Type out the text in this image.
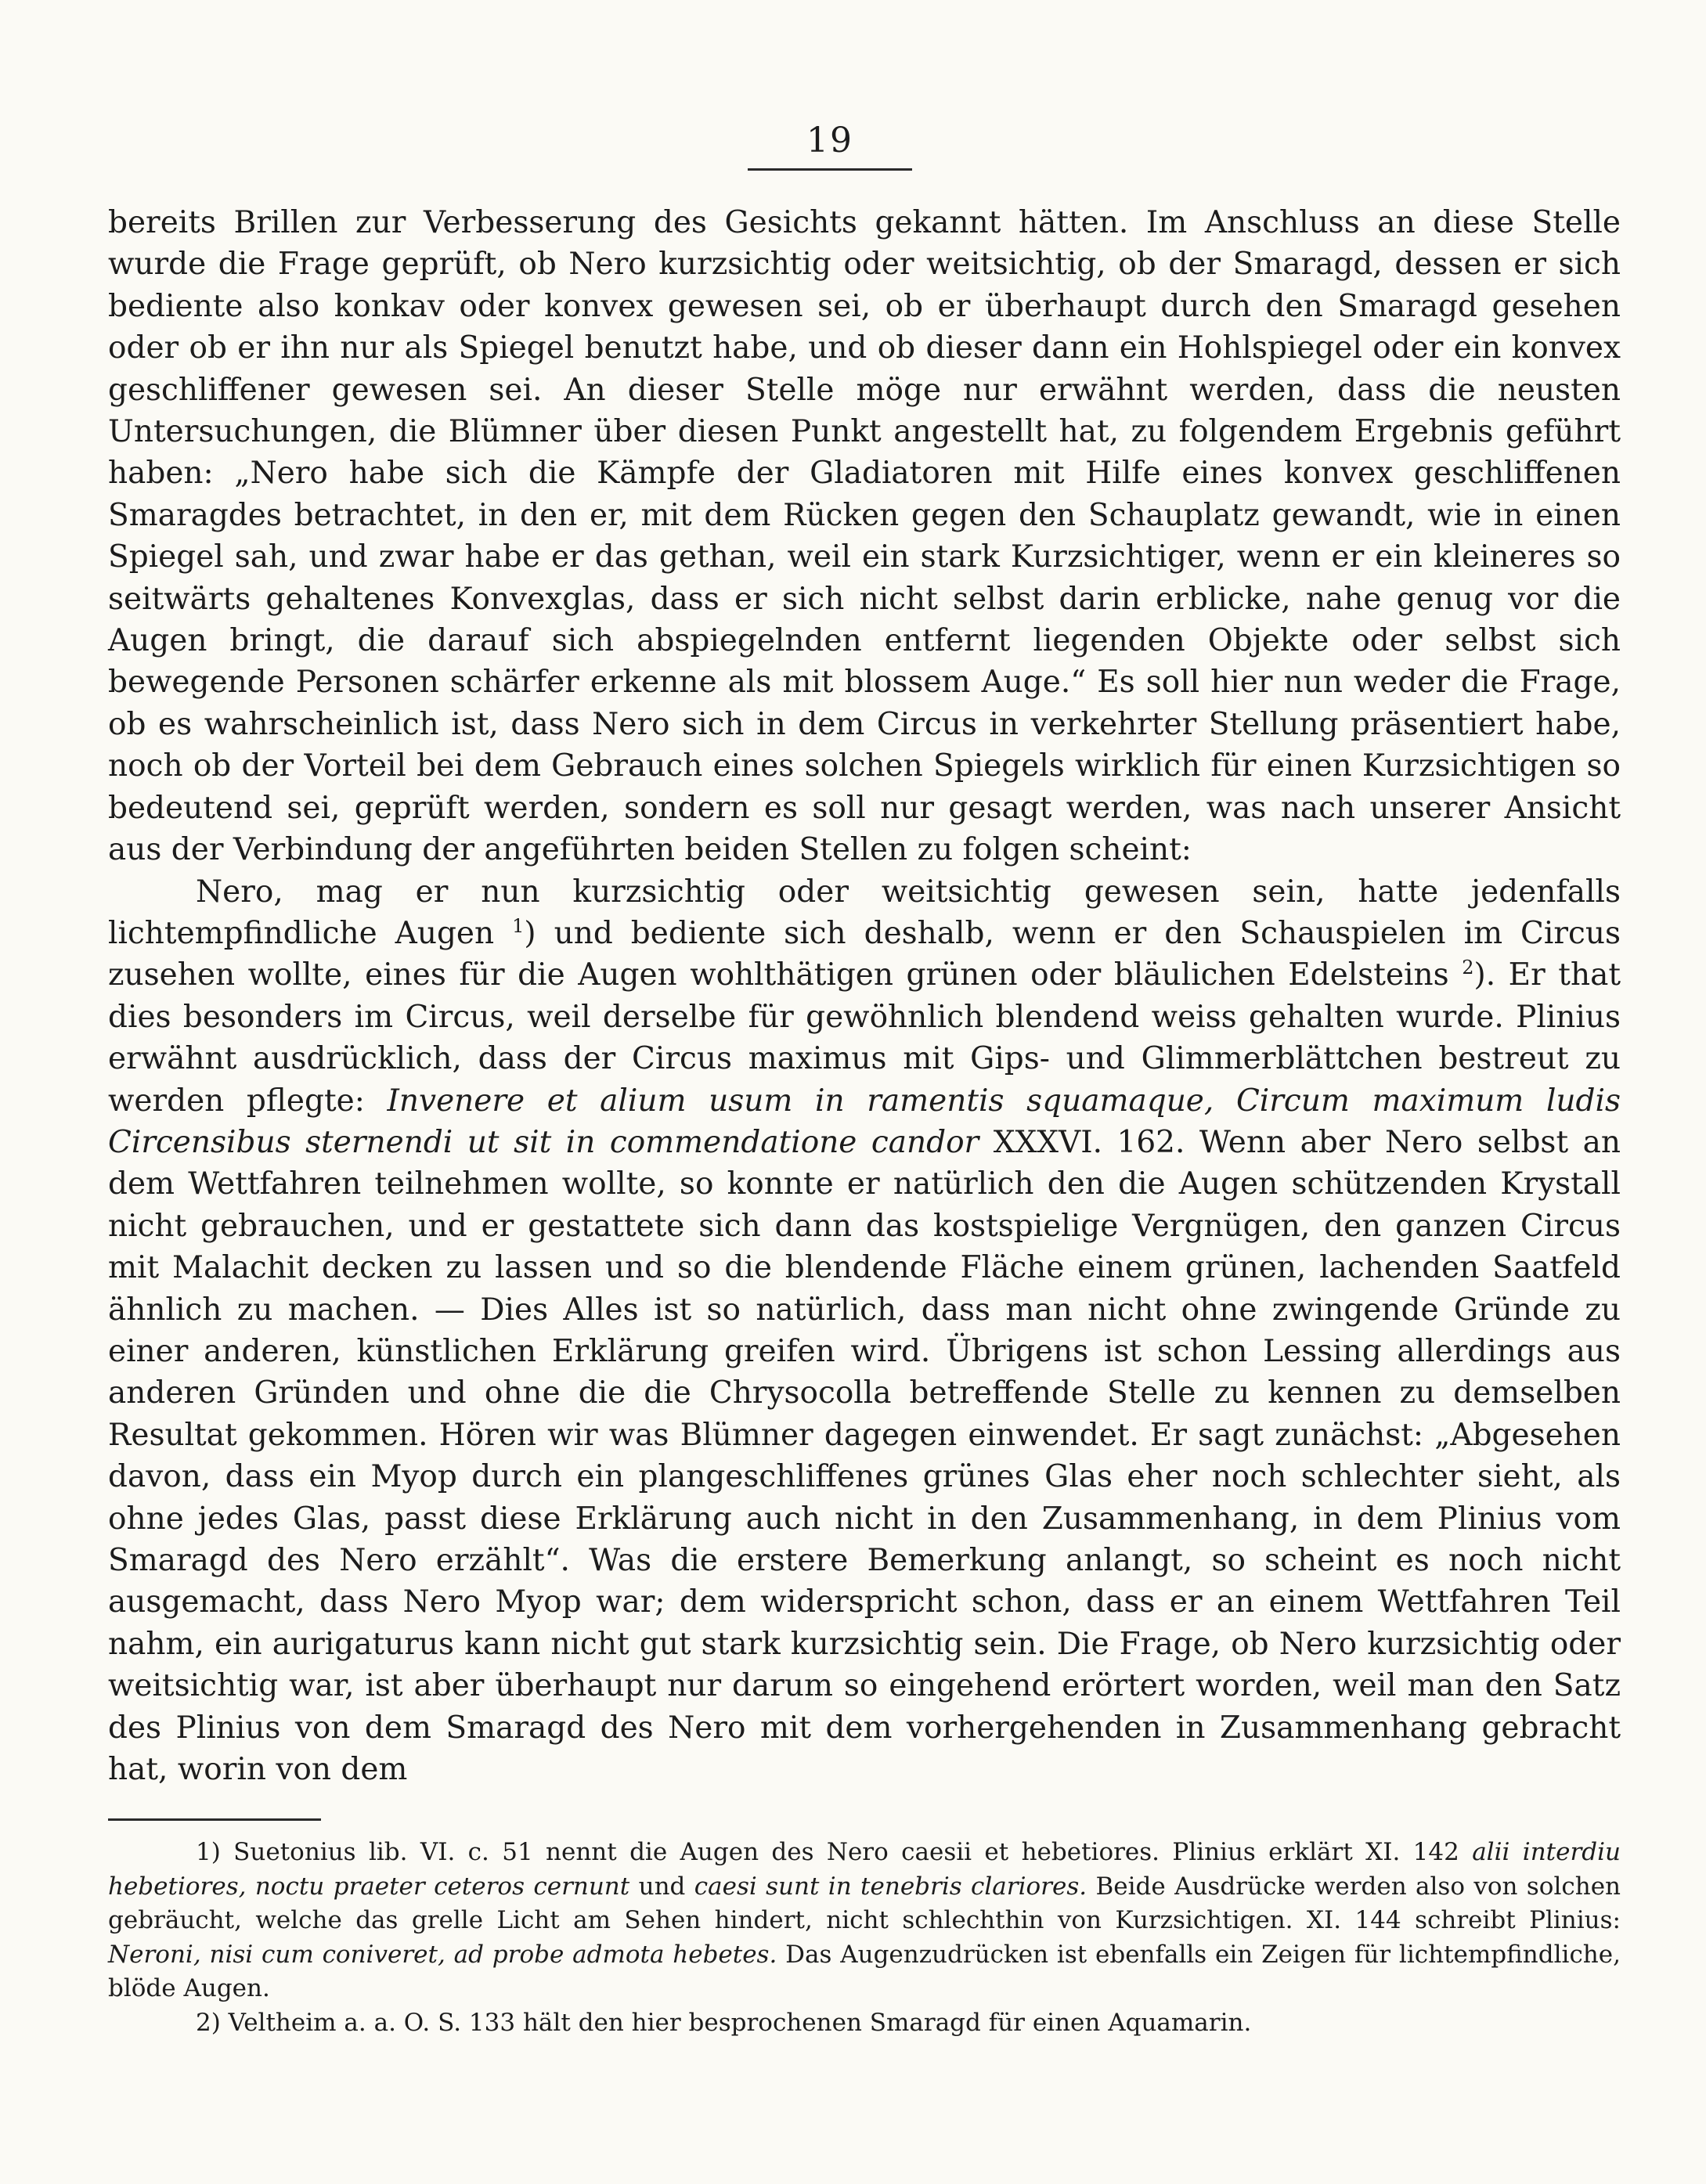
19

bereits Brillen zur Verbesserung des Gesichts gekannt hätten. Im Anschluss an diese Stelle wurde die Frage geprüft, ob Nero kurzsichtig oder weitsichtig, ob der Smaragd, dessen er sich bediente also konkav oder konvex gewesen sei, ob er überhaupt durch den Smaragd gesehen oder ob er ihn nur als Spiegel benutzt habe, und ob dieser dann ein Hohlspiegel oder ein konvex geschliffener gewesen sei. An dieser Stelle möge nur erwähnt werden, dass die neusten Untersuchungen, die Blümner über diesen Punkt angestellt hat, zu folgendem Ergebnis geführt haben: „Nero habe sich die Kämpfe der Gladiatoren mit Hilfe eines konvex geschliffenen Smaragdes betrachtet, in den er, mit dem Rücken gegen den Schauplatz gewandt, wie in einen Spiegel sah, und zwar habe er das gethan, weil ein stark Kurzsichtiger, wenn er ein kleineres so seitwärts gehaltenes Konvexglas, dass er sich nicht selbst darin erblicke, nahe genug vor die Augen bringt, die darauf sich abspiegelnden entfernt liegenden Objekte oder selbst sich bewegende Personen schärfer erkenne als mit blossem Auge.“ Es soll hier nun weder die Frage, ob es wahrscheinlich ist, dass Nero sich in dem Circus in verkehrter Stellung präsentiert habe, noch ob der Vorteil bei dem Gebrauch eines solchen Spiegels wirklich für einen Kurzsichtigen so bedeutend sei, geprüft werden, sondern es soll nur gesagt werden, was nach unserer Ansicht aus der Verbindung der angeführten beiden Stellen zu folgen scheint:

Nero, mag er nun kurzsichtig oder weitsichtig gewesen sein, hatte jedenfalls lichtempfindliche Augen $^1$) und bediente sich deshalb, wenn er den Schauspielen im Circus zusehen wollte, eines für die Augen wohlthätigen grünen oder bläulichen Edelsteins $^2$). Er that dies besonders im Circus, weil derselbe für gewöhnlich blendend weiss gehalten wurde. Plinius erwähnt ausdrücklich, dass der Circus maximus mit Gips- und Glimmerblättchen bestreut zu werden pflegte: Invenere et alium usum in ramentis squamaque, Circum maximum ludis Circensibus sternendi ut sit in commendatione candor XXXVI. 162. Wenn aber Nero selbst an dem Wettfahren teilnehmen wollte, so konnte er natürlich den die Augen schützenden Krystall nicht gebrauchen, und er gestattete sich dann das kostspielige Vergnügen, den ganzen Circus mit Malachit decken zu lassen und so die blendende Fläche einem grünen, lachenden Saatfeld ähnlich zu machen. — Dies Alles ist so natürlich, dass man nicht ohne zwingende Gründe zu einer anderen, künstlichen Erklärung greifen wird. Übrigens ist schon Lessing allerdings aus anderen Gründen und ohne die die Chrysocolla betreffende Stelle zu kennen zu demselben Resultat gekommen. Hören wir was Blümner dagegen einwendet. Er sagt zunächst: „Abgesehen davon, dass ein Myop durch ein plangeschliffenes grünes Glas eher noch schlechter sieht, als ohne jedes Glas, passt diese Erklärung auch nicht in den Zusammenhang, in dem Plinius vom Smaragd des Nero erzählt“. Was die erstere Bemerkung anlangt, so scheint es noch nicht ausgemacht, dass Nero Myop war; dem widerspricht schon, dass er an einem Wettfahren Teil nahm, ein aurigaturus kann nicht gut stark kurzsichtig sein. Die Frage, ob Nero kurzsichtig oder weitsichtig war, ist aber überhaupt nur darum so eingehend erörtert worden, weil man den Satz des Plinius von dem Smaragd des Nero mit dem vorhergehenden in Zusammenhang gebracht hat, worin von dem

1) Suetonius lib. VI. c. 51 nennt die Augen des Nero caesii et hebetiores. Plinius erklärt XI. 142 alii interdiu hebetiores, noctu praeter ceteros cernunt und caesi sunt in tenebris clariores. Beide Ausdrücke werden also von solchen gebräucht, welche das grelle Licht am Sehen hindert, nicht schlechthin von Kurzsichtigen. XI. 144 schreibt Plinius: Neroni, nisi cum coniveret, ad probe admota hebetes. Das Augenzudrücken ist ebenfalls ein Zeigen für lichtempfindliche, blöde Augen.

2) Veltheim a. a. O. S. 133 hält den hier besprochenen Smaragd für einen Aquamarin.
